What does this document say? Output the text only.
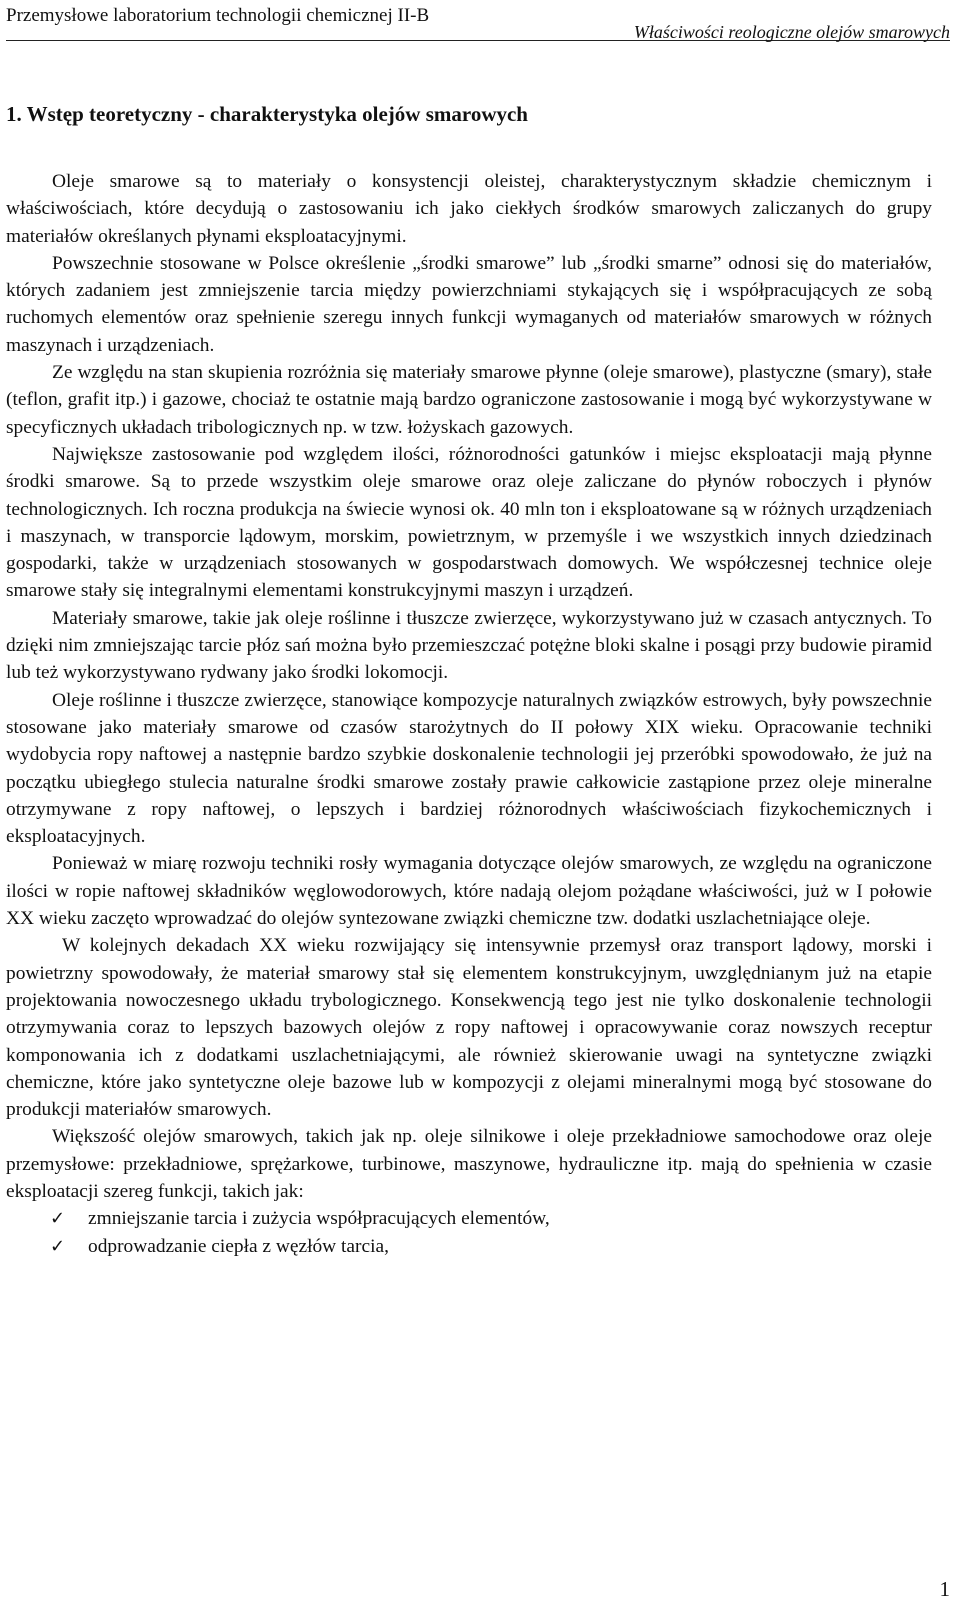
Przemysłowe laboratorium technologii chemicznej II-B
Właściwości reologiczne olejów smarowych
1. Wstęp teoretyczny - charakterystyka olejów smarowych

Oleje smarowe są to materiały o konsystencji oleistej, charakterystycznym składzie chemicznym i właściwościach, które decydują o zastosowaniu ich jako ciekłych środków smarowych zaliczanych do grupy materiałów określanych płynami eksploatacyjnymi.

Powszechnie stosowane w Polsce określenie „środki smarowe” lub „środki smarne” odnosi się do materiałów, których zadaniem jest zmniejszenie tarcia między powierzchniami stykających się i współpracujących ze sobą ruchomych elementów oraz spełnienie szeregu innych funkcji wymaganych od materiałów smarowych w różnych maszynach i urządzeniach.

Ze względu na stan skupienia rozróżnia się materiały smarowe płynne (oleje smarowe), plastyczne (smary), stałe (teflon, grafit itp.) i gazowe, chociaż te ostatnie mają bardzo ograniczone zastosowanie i mogą być wykorzystywane w specyficznych układach tribologicznych np. w tzw. łożyskach gazowych.

Największe zastosowanie pod względem ilości, różnorodności gatunków i miejsc eksploatacji mają płynne środki smarowe. Są to przede wszystkim oleje smarowe oraz oleje zaliczane do płynów roboczych i płynów technologicznych. Ich roczna produkcja na świecie wynosi ok. 40 mln ton i eksploatowane są w różnych urządzeniach i maszynach, w transporcie lądowym, morskim, powietrznym, w przemyśle i we wszystkich innych dziedzinach gospodarki, także w urządzeniach stosowanych w gospodarstwach domowych. We współczesnej technice oleje smarowe stały się integralnymi elementami konstrukcyjnymi maszyn i urządzeń.

Materiały smarowe, takie jak oleje roślinne i tłuszcze zwierzęce, wykorzystywano już w czasach antycznych. To dzięki nim zmniejszając tarcie płóz sań można było przemieszczać potężne bloki skalne i posągi przy budowie piramid lub też wykorzystywano rydwany jako środki lokomocji.

Oleje roślinne i tłuszcze zwierzęce, stanowiące kompozycje naturalnych związków estrowych, były powszechnie stosowane jako materiały smarowe od czasów starożytnych do II połowy XIX wieku. Opracowanie techniki wydobycia ropy naftowej a następnie bardzo szybkie doskonalenie technologii jej przeróbki spowodowało, że już na początku ubiegłego stulecia naturalne środki smarowe zostały prawie całkowicie zastąpione przez oleje mineralne otrzymywane z ropy naftowej, o lepszych i bardziej różnorodnych właściwościach fizykochemicznych i eksploatacyjnych.

Ponieważ w miarę rozwoju techniki rosły wymagania dotyczące olejów smarowych, ze względu na ograniczone ilości w ropie naftowej składników węglowodorowych, które nadają olejom pożądane właściwości, już w I połowie XX wieku zaczęto wprowadzać do olejów syntezowane związki chemiczne tzw. dodatki uszlachetniające oleje.

W kolejnych dekadach XX wieku rozwijający się intensywnie przemysł oraz transport lądowy, morski i powietrzny spowodowały, że materiał smarowy stał się elementem konstrukcyjnym, uwzględnianym już na etapie projektowania nowoczesnego układu trybologicznego. Konsekwencją tego jest nie tylko doskonalenie technologii otrzymywania coraz to lepszych bazowych olejów z ropy naftowej i opracowywanie coraz nowszych receptur komponowania ich z dodatkami uszlachetniającymi, ale również skierowanie uwagi na syntetyczne związki chemiczne, które jako syntetyczne oleje bazowe lub w kompozycji z olejami mineralnymi mogą być stosowane do produkcji materiałów smarowych.

Większość olejów smarowych, takich jak np. oleje silnikowe i oleje przekładniowe samochodowe oraz oleje przemysłowe: przekładniowe, sprężarkowe, turbinowe, maszynowe, hydrauliczne itp. mają do spełnienia w czasie eksploatacji szereg funkcji, takich jak:

✓ zmniejszanie tarcia i zużycia współpracujących elementów,
✓ odprowadzanie ciepła z węzłów tarcia,
1
